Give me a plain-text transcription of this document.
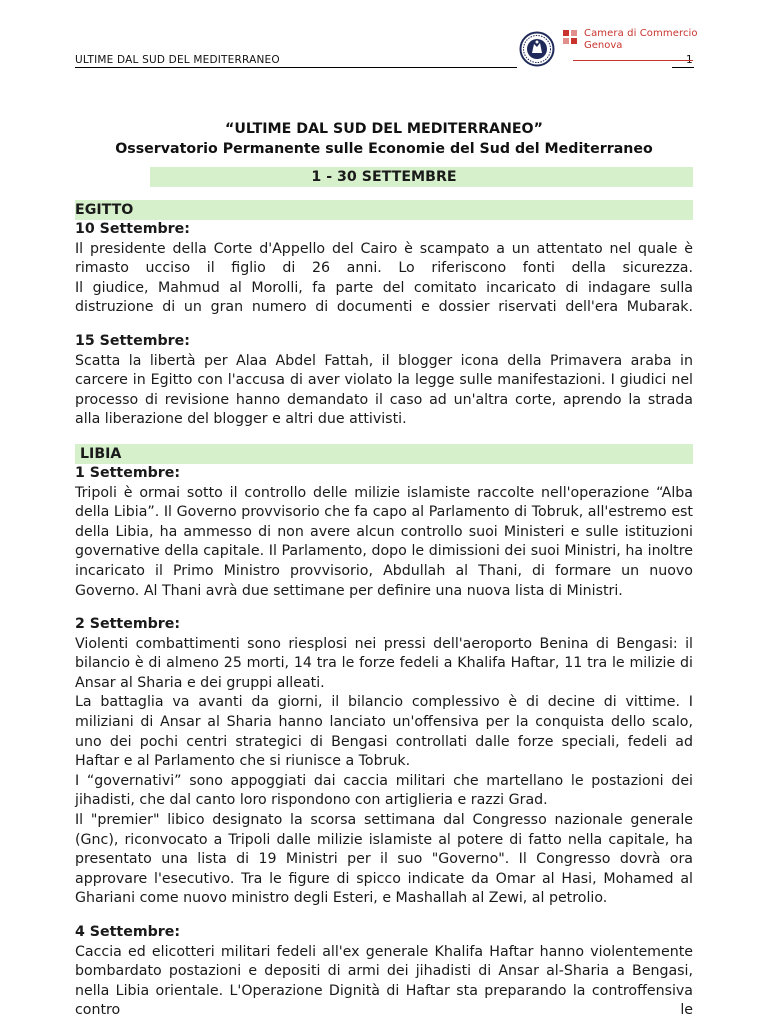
ULTIME DAL SUD DEL MEDITERRANEO	1
Camera di Commercio
Genova
“ULTIME DAL SUD DEL MEDITERRANEO”
Osservatorio Permanente sulle Economie del Sud del Mediterraneo
1 - 30 SETTEMBRE
EGITTO
10 Settembre:

Il presidente della Corte d'Appello del Cairo è scampato a un attentato nel quale è rimasto ucciso il figlio di 26 anni. Lo riferiscono fonti della sicurezza.

Il giudice, Mahmud al Morolli, fa parte del comitato incaricato di indagare sulla distruzione di un gran numero di documenti e dossier riservati dell'era Mubarak.

15 Settembre:

Scatta la libertà per Alaa Abdel Fattah, il blogger icona della Primavera araba in carcere in Egitto con l'accusa di aver violato la legge sulle manifestazioni. I giudici nel processo di revisione hanno demandato il caso ad un'altra corte, aprendo la strada alla liberazione del blogger e altri due attivisti.

LIBIA
1 Settembre:

Tripoli è ormai sotto il controllo delle milizie islamiste raccolte nell'operazione “Alba della Libia”. Il Governo provvisorio che fa capo al Parlamento di Tobruk, all'estremo est della Libia, ha ammesso di non avere alcun controllo suoi Ministeri e sulle istituzioni governative della capitale. Il Parlamento, dopo le dimissioni dei suoi Ministri, ha inoltre incaricato il Primo Ministro provvisorio, Abdullah al Thani, di formare un nuovo Governo. Al Thani avrà due settimane per definire una nuova lista di Ministri.

2 Settembre:

Violenti combattimenti sono riesplosi nei pressi dell'aeroporto Benina di Bengasi: il bilancio è di almeno 25 morti, 14 tra le forze fedeli a Khalifa Haftar, 11 tra le milizie di Ansar al Sharia e dei gruppi alleati.

La battaglia va avanti da giorni, il bilancio complessivo è di decine di vittime. I miliziani di Ansar al Sharia hanno lanciato un'offensiva per la conquista dello scalo, uno dei pochi centri strategici di Bengasi controllati dalle forze speciali, fedeli ad Haftar e al Parlamento che si riunisce a Tobruk.

I “governativi” sono appoggiati dai caccia militari che martellano le postazioni dei jihadisti, che dal canto loro rispondono con artiglieria e razzi Grad.

Il "premier" libico designato la scorsa settimana dal Congresso nazionale generale (Gnc), riconvocato a Tripoli dalle milizie islamiste al potere di fatto nella capitale, ha presentato una lista di 19 Ministri per il suo "Governo". Il Congresso dovrà ora approvare l'esecutivo. Tra le figure di spicco indicate da Omar al Hasi, Mohamed al Ghariani come nuovo ministro degli Esteri, e Mashallah al Zewi, al petrolio.

4 Settembre:

Caccia ed elicotteri militari fedeli all'ex generale Khalifa Haftar hanno violentemente bombardato postazioni e depositi di armi dei jihadisti di Ansar al-Sharia a Bengasi, nella Libia orientale. L'Operazione Dignità di Haftar sta preparando la controffensiva contro le
